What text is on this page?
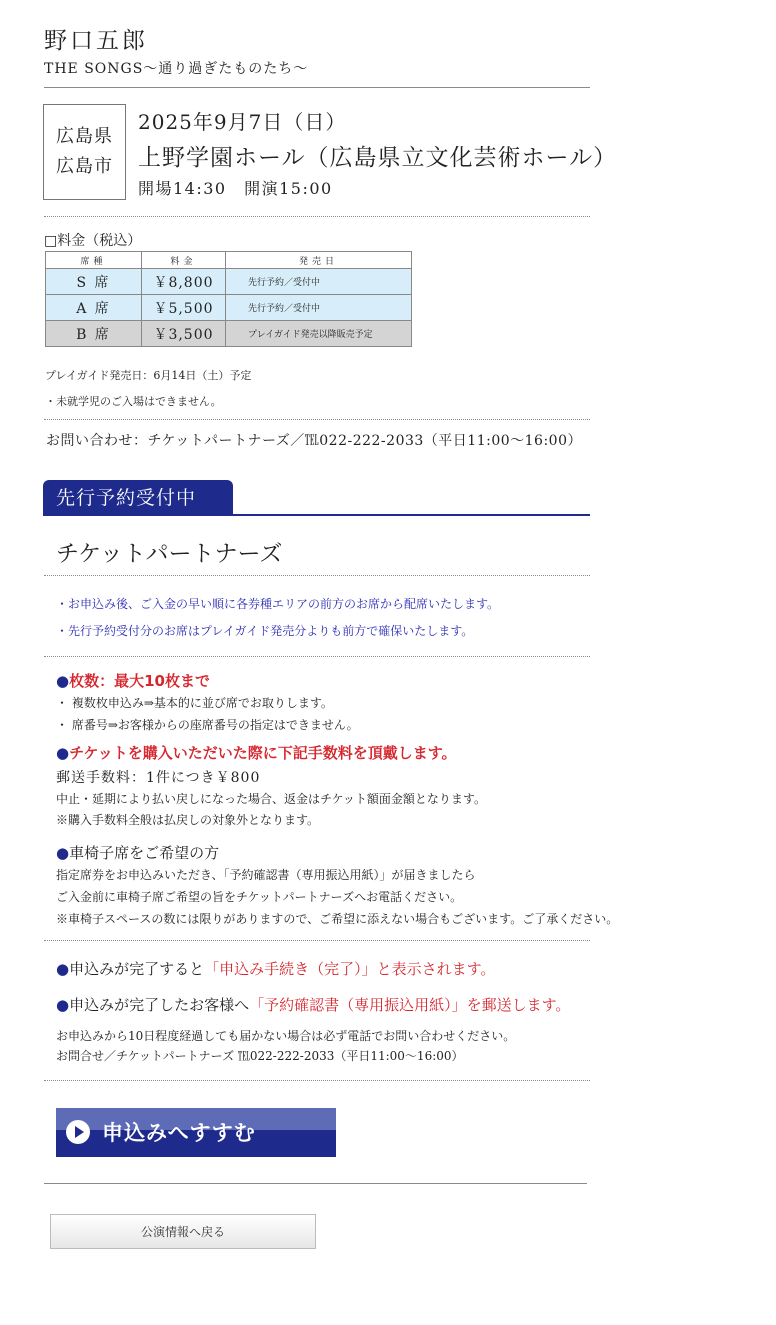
野口五郎
THE SONGS〜通り過ぎたものたち〜
広島県
広島市
2025年9月7日（日）
上野学園ホール（広島県立文化芸術ホール）
開場14:30　開演15:00
□料金（税込）
席種	料金	発売日
S 席	￥8,800	先行予約／受付中
A 席	￥5,500	先行予約／受付中
B 席	￥3,500	プレイガイド発売以降販売予定
プレイガイド発売日：6月14日（土）予定
・未就学児のご入場はできません。
お問い合わせ：チケットパートナーズ／℡022-222-2033（平日11:00〜16:00）
先行予約受付中
チケットパートナーズ
・お申込み後、ご入金の早い順に各券種エリアの前方のお席から配席いたします。
・先行予約受付分のお席はプレイガイド発売分よりも前方で確保いたします。
●枚数：最大10枚まで
・ 複数枚申込み⇒基本的に並び席でお取りします。
・ 席番号⇒お客様からの座席番号の指定はできません。
●チケットを購入いただいた際に下記手数料を頂戴します。
郵送手数料：1件につき￥800
中止・延期により払い戻しになった場合、返金はチケット額面金額となります。
※購入手数料全般は払戻しの対象外となります。
●車椅子席をご希望の方
指定席券をお申込みいただき、「予約確認書（専用振込用紙）」が届きましたら
ご入金前に車椅子席ご希望の旨をチケットパートナーズへお電話ください。
※車椅子スペースの数には限りがありますので、ご希望に添えない場合もございます。ご了承ください。
●申込みが完了すると「申込み手続き（完了）」と表示されます。
●申込みが完了したお客様へ「予約確認書（専用振込用紙）」を郵送します。
お申込みから10日程度経過しても届かない場合は必ず電話でお問い合わせください。
お問合せ／チケットパートナーズ ℡022-222-2033（平日11:00〜16:00）
申込みへすすむ
公演情報へ戻る
